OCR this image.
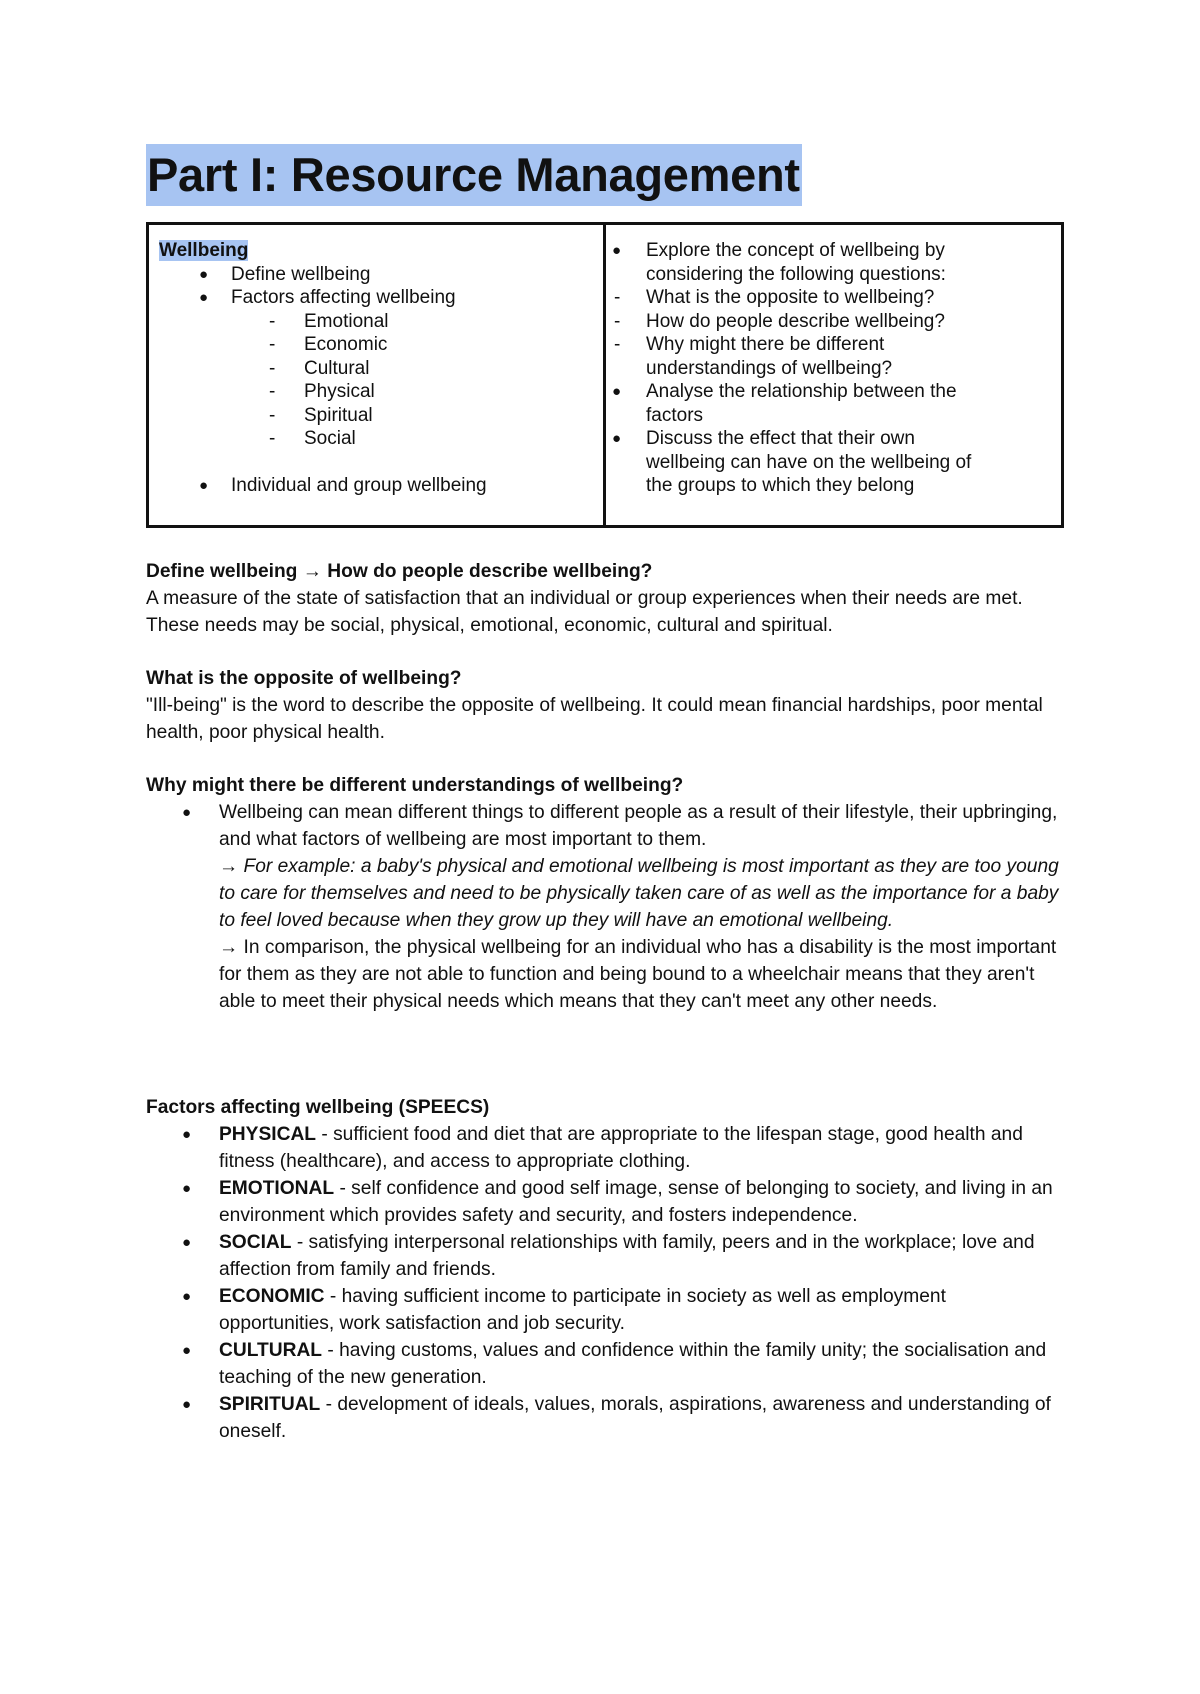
Part I: Resource Management
Wellbeing
● Define wellbeing
● Factors affecting wellbeing
- Emotional
- Economic
- Cultural
- Physical
- Spiritual
- Social

● Individual and group wellbeing
● Explore the concept of wellbeing by
considering the following questions:
- What is the opposite to wellbeing?
- How do people describe wellbeing?
- Why might there be different
understandings of wellbeing?
● Analyse the relationship between the
factors
● Discuss the effect that their own
wellbeing can have on the wellbeing of
the groups to which they belong

Define wellbeing → How do people describe wellbeing?

A measure of the state of satisfaction that an individual or group experiences when their needs are met. These needs may be social, physical, emotional, economic, cultural and spiritual.

What is the opposite of wellbeing?

"Ill-being" is the word to describe the opposite of wellbeing. It could mean financial hardships, poor mental health, poor physical health.

Why might there be different understandings of wellbeing?

● Wellbeing can mean different things to different people as a result of their lifestyle, their upbringing, and what factors of wellbeing are most important to them.

→ For example: a baby's physical and emotional wellbeing is most important as they are too young to care for themselves and need to be physically taken care of as well as the importance for a baby to feel loved because when they grow up they will have an emotional wellbeing.

→ In comparison, the physical wellbeing for an individual who has a disability is the most important for them as they are not able to function and being bound to a wheelchair means that they aren't able to meet their physical needs which means that they can't meet any other needs.

Factors affecting wellbeing (SPEECS)

● PHYSICAL - sufficient food and diet that are appropriate to the lifespan stage, good health and fitness (healthcare), and access to appropriate clothing.
● EMOTIONAL - self confidence and good self image, sense of belonging to society, and living in an environment which provides safety and security, and fosters independence.
● SOCIAL - satisfying interpersonal relationships with family, peers and in the workplace; love and affection from family and friends.
● ECONOMIC - having sufficient income to participate in society as well as employment opportunities, work satisfaction and job security.
● CULTURAL - having customs, values and confidence within the family unity; the socialisation and teaching of the new generation.
● SPIRITUAL - development of ideals, values, morals, aspirations, awareness and understanding of oneself.
